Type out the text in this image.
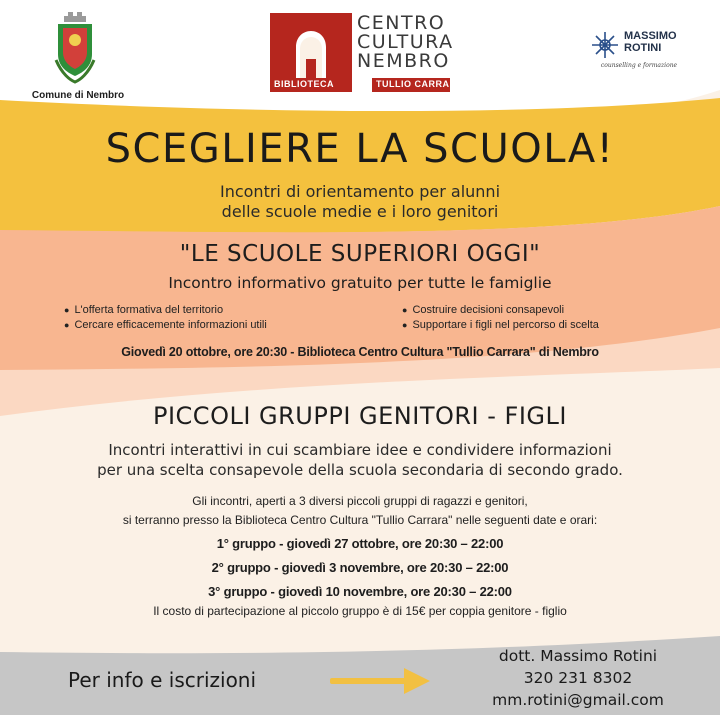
Comune di Nembro
CENTRO
CULTURA
NEMBRO
BIBLIOTECA	TULLIO CARRARA
MASSIMO
ROTINI
counselling e formazione
SCEGLIERE LA SCUOLA!
Incontri di orientamento per alunni
delle scuole medie e i loro genitori
"LE SCUOLE SUPERIORI OGGI"
Incontro informativo gratuito per tutte le famiglie
● L'offerta formativa del territorio
● Cercare efficacemente informazioni utili
● Costruire decisioni consapevoli
● Supportare i figli nel percorso di scelta
Giovedì 20 ottobre, ore 20:30 - Biblioteca Centro Cultura "Tullio Carrara" di Nembro
PICCOLI GRUPPI GENITORI - FIGLI
Incontri interattivi in cui scambiare idee e condividere informazioni
per una scelta consapevole della scuola secondaria di secondo grado.
Gli incontri, aperti a 3 diversi piccoli gruppi di ragazzi e genitori,
si terranno presso la Biblioteca Centro Cultura "Tullio Carrara" nelle seguenti date e orari:
1° gruppo - giovedì 27 ottobre, ore 20:30 – 22:00
2° gruppo - giovedì 3 novembre, ore 20:30 – 22:00
3° gruppo - giovedì 10 novembre, ore 20:30 – 22:00
Il costo di partecipazione al piccolo gruppo è di 15€ per coppia genitore - figlio
Per info e iscrizioni
dott. Massimo Rotini
320 231 8302
mm.rotini@gmail.com
